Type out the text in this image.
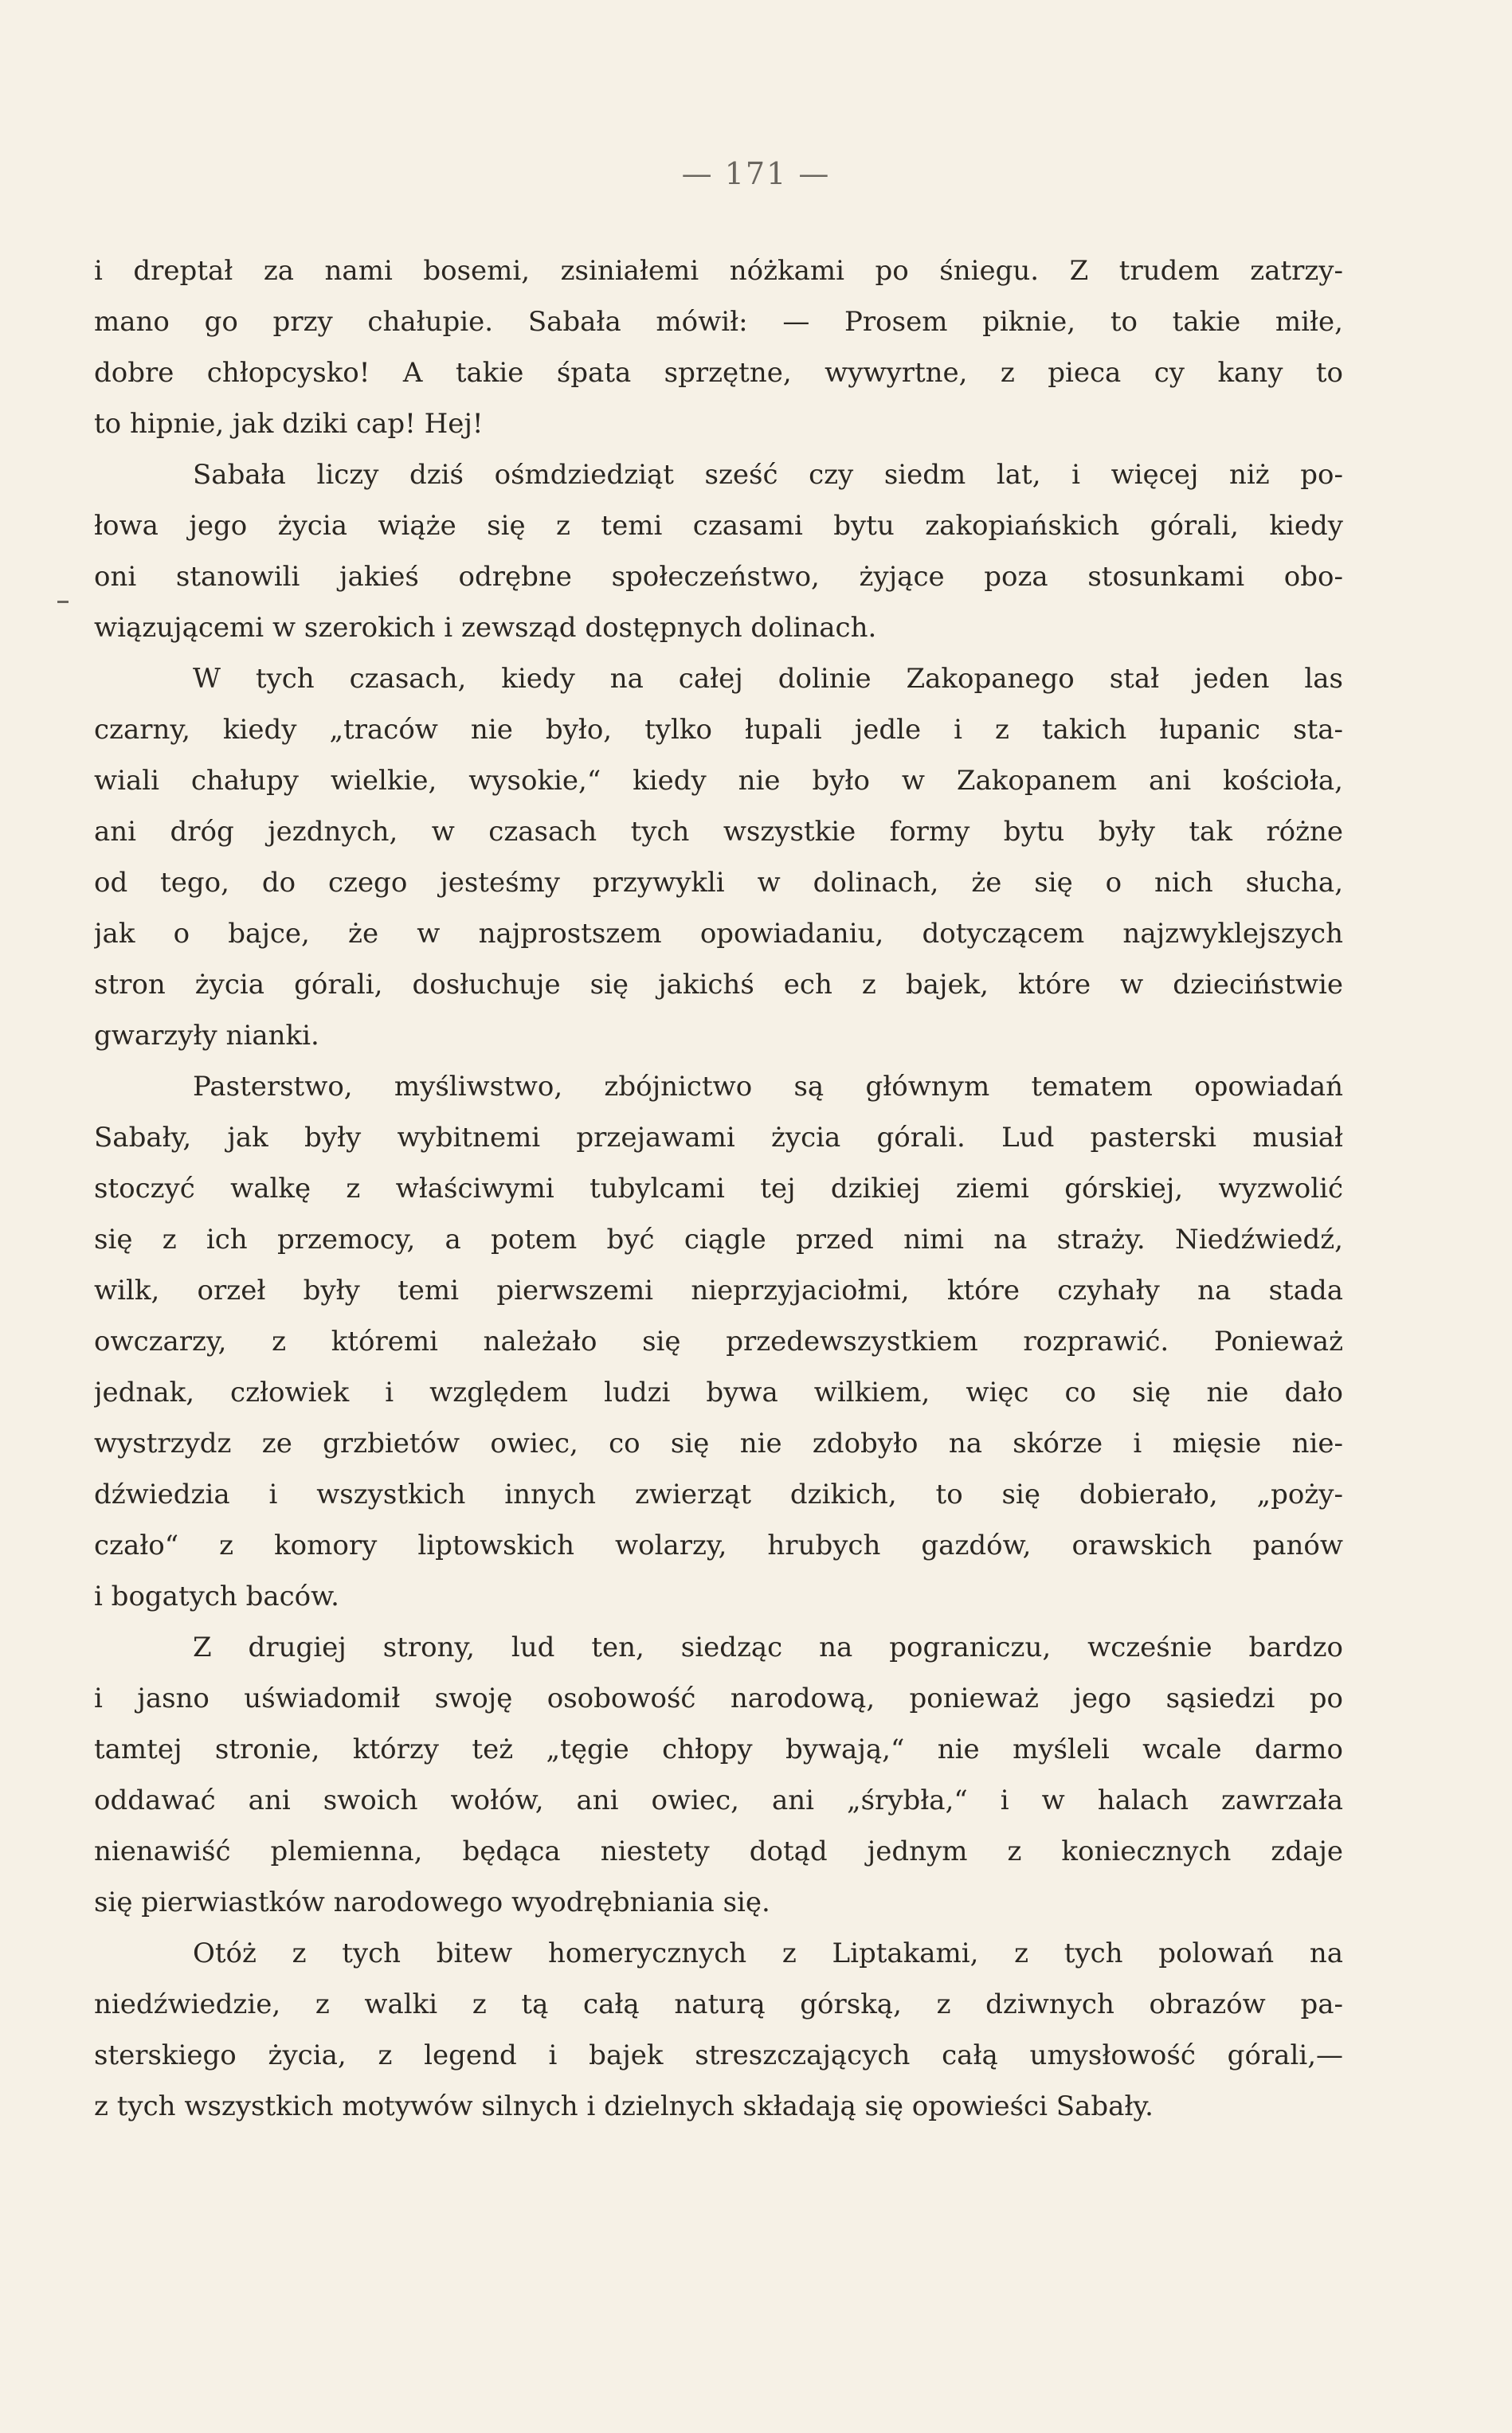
— 171 —
i dreptał za nami bosemi, zsiniałemi nóżkami po śniegu. Z trudem zatrzy-
mano go przy chałupie. Sabała mówił: — Prosem piknie, to takie miłe,
dobre chłopcysko! A takie śpata sprzętne, wywyrtne, z pieca cy kany to
to hipnie, jak dziki cap! Hej!
Sabała liczy dziś ośmdziedziąt sześć czy siedm lat, i więcej niż po-
łowa jego życia wiąże się z temi czasami bytu zakopiańskich górali, kiedy
oni stanowili jakieś odrębne społeczeństwo, żyjące poza stosunkami obo-
wiązującemi w szerokich i zewsząd dostępnych dolinach.
W tych czasach, kiedy na całej dolinie Zakopanego stał jeden las
czarny, kiedy „traców nie było, tylko łupali jedle i z takich łupanic sta-
wiali chałupy wielkie, wysokie,“ kiedy nie było w Zakopanem ani kościoła,
ani dróg jezdnych, w czasach tych wszystkie formy bytu były tak różne
od tego, do czego jesteśmy przywykli w dolinach, że się o nich słucha,
jak o bajce, że w najprostszem opowiadaniu, dotyczącem najzwyklejszych
stron życia górali, dosłuchuje się jakichś ech z bajek, które w dzieciństwie
gwarzyły nianki.
Pasterstwo, myśliwstwo, zbójnictwo są głównym tematem opowiadań
Sabały, jak były wybitnemi przejawami życia górali. Lud pasterski musiał
stoczyć walkę z właściwymi tubylcami tej dzikiej ziemi górskiej, wyzwolić
się z ich przemocy, a potem być ciągle przed nimi na straży. Niedźwiedź,
wilk, orzeł były temi pierwszemi nieprzyjaciołmi, które czyhały na stada
owczarzy, z któremi należało się przedewszystkiem rozprawić. Ponieważ
jednak, człowiek i względem ludzi bywa wilkiem, więc co się nie dało
wystrzydz ze grzbietów owiec, co się nie zdobyło na skórze i mięsie nie-
dźwiedzia i wszystkich innych zwierząt dzikich, to się dobierało, „poży-
czało“ z komory liptowskich wolarzy, hrubych gazdów, orawskich panów
i bogatych baców.
Z drugiej strony, lud ten, siedząc na pograniczu, wcześnie bardzo
i jasno uświadomił swoję osobowość narodową, ponieważ jego sąsiedzi po
tamtej stronie, którzy też „tęgie chłopy bywają,“ nie myśleli wcale darmo
oddawać ani swoich wołów, ani owiec, ani „śrybła,“ i w halach zawrzała
nienawiść plemienna, będąca niestety dotąd jednym z koniecznych zdaje
się pierwiastków narodowego wyodrębniania się.
Otóż z tych bitew homerycznych z Liptakami, z tych polowań na
niedźwiedzie, z walki z tą całą naturą górską, z dziwnych obrazów pa-
sterskiego życia, z legend i bajek streszczających całą umysłowość górali,—
z tych wszystkich motywów silnych i dzielnych składają się opowieści Sabały.
